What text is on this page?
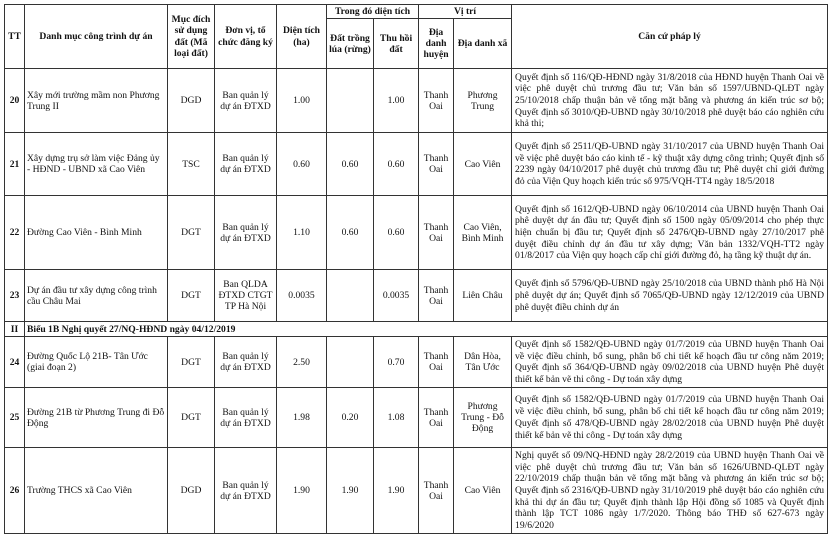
TT	Danh mục công trình dự án	Mục đích sử dụng đất (Mã loại đất)	Đơn vị, tổ chức đăng ký	Diện tích (ha)	Trong đó diện tích		Vị trí		Căn cứ pháp lý
					Đất trồng lúa (rừng)	Thu hồi đất	Địa danh huyện	Địa danh xã	
20	Xây mới trường mầm non Phương Trung II	DGD	Ban quản lý dự án ĐTXD	1.00		1.00	Thanh Oai	Phương Trung	Quyết định số 116/QĐ-HĐND ngày 31/8/2018 của HĐND huyện Thanh Oai về việc phê duyệt chủ trương đầu tư; Văn bản số 1597/UBND-QLĐT ngày 25/10/2018 chấp thuận bản vẽ tổng mặt bằng và phương án kiến trúc sơ bộ; Quyết định số 3010/QĐ-UBND ngày 30/10/2018 phê duyệt báo cáo nghiên cứu khả thi;
21	Xây dựng trụ sở làm việc Đảng ủy - HĐND - UBND xã Cao Viên	TSC	Ban quản lý dự án ĐTXD	0.60	0.60	0.60	Thanh Oai	Cao Viên	Quyết định số 2511/QĐ-UBND ngày 31/10/2017 của UBND huyện Thanh Oai về việc phê duyệt báo cáo kinh tế - kỹ thuật xây dựng công trình; Quyết định số 2239 ngày 04/10/2017 phê duyệt chủ trương đầu tư; Phê duyệt chỉ giới đường đỏ của Viện Quy hoạch kiến trúc số 975/VQH-TT4 ngày 18/5/2018
22	Đường Cao Viên - Bình Minh	DGT	Ban quản lý dự án ĐTXD	1.10	0.60	0.60	Thanh Oai	Cao Viên, Bình Minh	Quyết định số 1612/QĐ-UBND ngày 06/10/2014 của UBND huyện Thanh Oai phê duyệt dự án đầu tư; Quyết định số 1500 ngày 05/09/2014 cho phép thực hiện chuẩn bị đầu tư; Quyết định số 2476/QĐ-UBND ngày 27/10/2017 phê duyệt điều chỉnh dự án đầu tư xây dựng; Văn bản 1332/VQH-TT2 ngày 01/8/2017 của Viện quy hoạch cấp chỉ giới đường đỏ, hạ tầng kỹ thuật dự án.
23	Dự án đầu tư xây dựng công trình cầu Châu Mai	DGT	Ban QLDA ĐTXD CTGT TP Hà Nội	0.0035		0.0035	Thanh Oai	Liên Châu	Quyết định số 5796/QĐ-UBND ngày 25/10/2018 của UBND thành phố Hà Nội phê duyệt dự án; Quyết định số 7065/QĐ-UBND ngày 12/12/2019 của UBND phê duyệt điều chỉnh dự án
II	Biểu 1B Nghị quyết 27/NQ-HĐND ngày 04/12/2019								
24	Đường Quốc Lộ 21B- Tân Ước (giai đoạn 2)	DGT	Ban quản lý dự án ĐTXD	2.50		0.70	Thanh Oai	Dân Hòa, Tân Ước	Quyết định số 1582/QĐ-UBND ngày 01/7/2019 của UBND huyện Thanh Oai về việc điều chỉnh, bổ sung, phân bổ chi tiết kế hoạch đầu tư công năm 2019; Quyết định số 364/QĐ-UBND ngày 09/02/2018 của UBND huyện Phê duyệt thiết kế bản vẽ thi công - Dự toán xây dựng
25	Đường 21B từ Phương Trung đi Đỗ Động	DGT	Ban quản lý dự án ĐTXD	1.98	0.20	1.08	Thanh Oai	Phương Trung - Đỗ Động	Quyết định số 1582/QĐ-UBND ngày 01/7/2019 của UBND huyện Thanh Oai về việc điều chỉnh, bổ sung, phân bổ chi tiết kế hoạch đầu tư công năm 2019; Quyết định số 478/QĐ-UBND ngày 28/02/2018 của UBND huyện Phê duyệt thiết kế bản vẽ thi công - Dự toán xây dựng
26	Trường THCS xã Cao Viên	DGD	Ban quản lý dự án ĐTXD	1.90	1.90	1.90	Thanh Oai	Cao Viên	Nghị quyết số 09/NQ-HĐND ngày 28/2/2019 của UBND huyện Thanh Oai về việc phê duyệt chủ trương đầu tư; Văn bản số 1626/UBND-QLĐT ngày 22/10/2019 chấp thuận bản vẽ tổng mặt bằng và phương án kiến trúc sơ bộ; Quyết định số 2316/QĐ-UBND ngày 31/10/2019 phê duyệt báo cáo nghiên cứu khả thi dự án đầu tư; Quyết định thành lập Hội đồng số 1085 và Quyết định thành lập TCT 1086 ngày 1/7/2020. Thông báo THĐ số 627-673 ngày 19/6/2020
